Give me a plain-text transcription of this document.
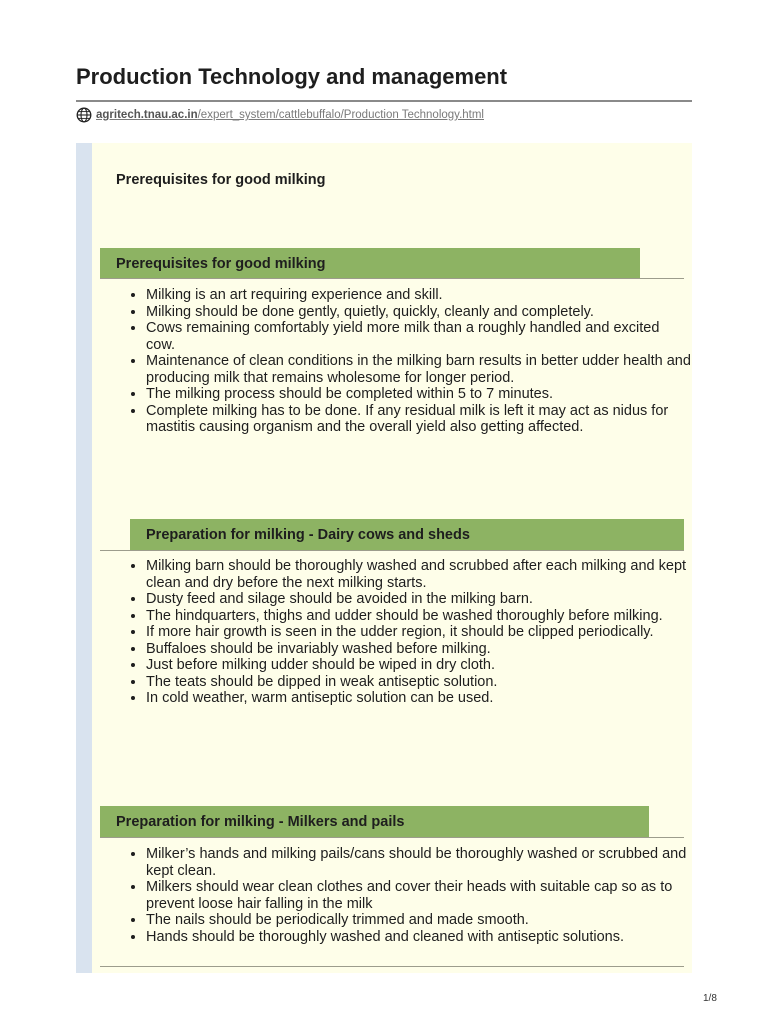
Production Technology and management
agritech.tnau.ac.in/expert_system/cattlebuffalo/Production Technology.html
Prerequisites for good milking
Prerequisites for good milking
• Milking is an art requiring experience and skill.
• Milking should be done gently, quietly, quickly, cleanly and completely.
• Cows remaining comfortably yield more milk than a roughly handled and excited cow.
• Maintenance of clean conditions in the milking barn results in better udder health and producing milk that remains wholesome for longer period.
• The milking process should be completed within 5 to 7 minutes.
• Complete milking has to be done. If any residual milk is left it may act as nidus for mastitis causing organism and the overall yield also getting affected.
Preparation for milking - Dairy cows and sheds
• Milking barn should be thoroughly washed and scrubbed after each milking and kept clean and dry before the next milking starts.
• Dusty feed and silage should be avoided in the milking barn.
• The hindquarters, thighs and udder should be washed thoroughly before milking.
• If more hair growth is seen in the udder region, it should be clipped periodically.
• Buffaloes should be invariably washed before milking.
• Just before milking udder should be wiped in dry cloth.
• The teats should be dipped in weak antiseptic solution.
• In cold weather, warm antiseptic solution can be used.
Preparation for milking - Milkers and pails
• Milker’s hands and milking pails/cans should be thoroughly washed or scrubbed and kept clean.
• Milkers should wear clean clothes and cover their heads with suitable cap so as to prevent loose hair falling in the milk
• The nails should be periodically trimmed and made smooth.
• Hands should be thoroughly washed and cleaned with antiseptic solutions.
1/8
